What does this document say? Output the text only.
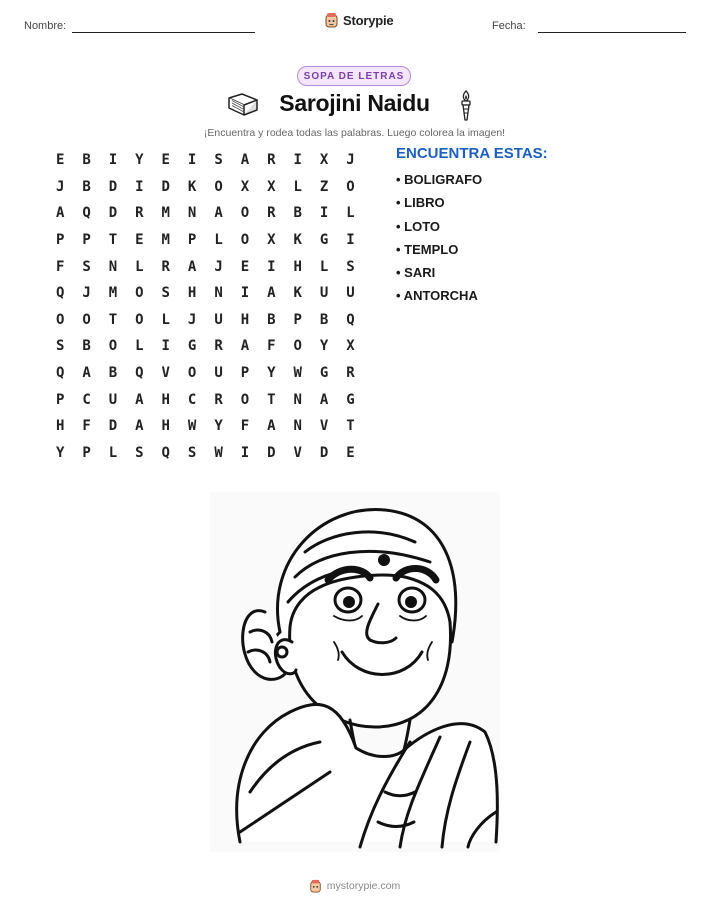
Nombre:	Storypie	Fecha:
SOPA DE LETRAS
Sarojini Naidu
¡Encuentra y rodea todas las palabras. Luego colorea la imagen!
E	B	I	Y	E	I	S	A	R	I	X	J
J	B	D	I	D	K	O	X	X	L	Z	O
A	Q	D	R	M	N	A	O	R	B	I	L
P	P	T	E	M	P	L	O	X	K	G	I
F	S	N	L	R	A	J	E	I	H	L	S
Q	J	M	O	S	H	N	I	A	K	U	U
O	O	T	O	L	J	U	H	B	P	B	Q
S	B	O	L	I	G	R	A	F	O	Y	X
Q	A	B	Q	V	O	U	P	Y	W	G	R
P	C	U	A	H	C	R	O	T	N	A	G
H	F	D	A	H	W	Y	F	A	N	V	T
Y	P	L	S	Q	S	W	I	D	V	D	E
ENCUENTRA ESTAS:
• BOLIGRAFO
• LIBRO
• LOTO
• TEMPLO
• SARI
• ANTORCHA
mystorypie.com
